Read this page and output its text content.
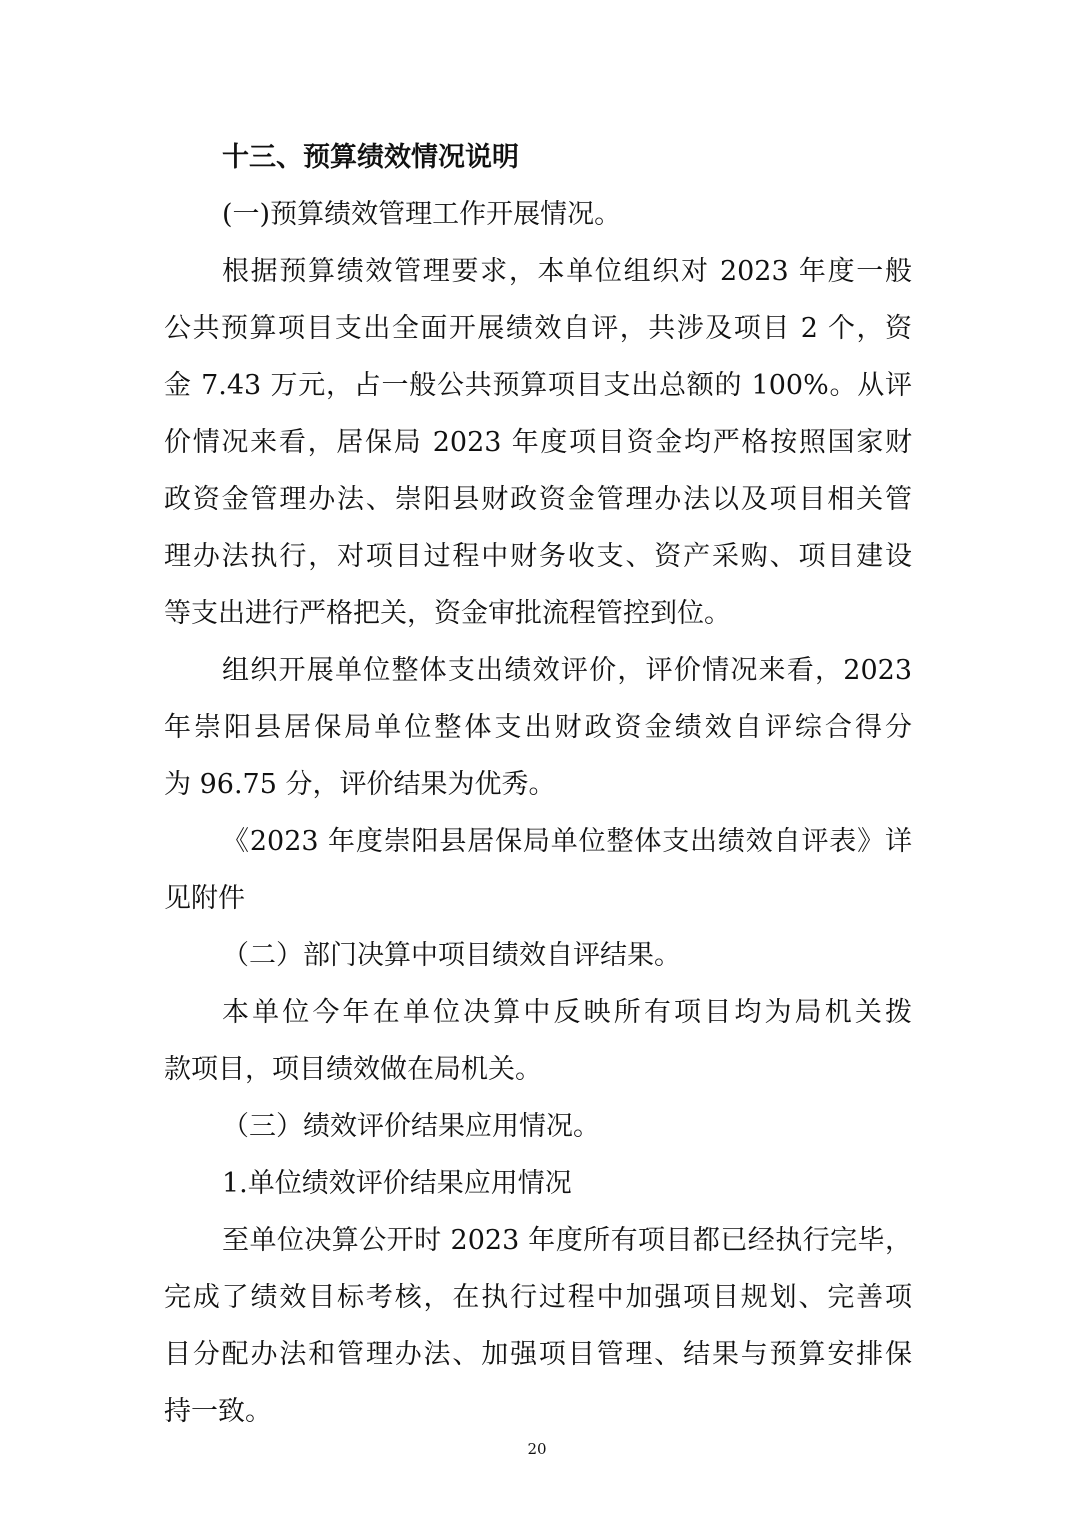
十三、预算绩效情况说明
(一)预算绩效管理工作开展情况。
根据预算绩效管理要求，本单位组织对 2023 年度一般
公共预算项目支出全面开展绩效自评，共涉及项目 2 个，资
金 7.43 万元，占一般公共预算项目支出总额的 100%。从评
价情况来看，居保局 2023 年度项目资金均严格按照国家财
政资金管理办法、崇阳县财政资金管理办法以及项目相关管
理办法执行，对项目过程中财务收支、资产采购、项目建设
等支出进行严格把关，资金审批流程管控到位。
组织开展单位整体支出绩效评价，评价情况来看，2023
年崇阳县居保局单位整体支出财政资金绩效自评综合得分
为 96.75 分，评价结果为优秀。
《2023 年度崇阳县居保局单位整体支出绩效自评表》详
见附件
（二）部门决算中项目绩效自评结果。
本单位今年在单位决算中反映所有项目均为局机关拨
款项目，项目绩效做在局机关。
（三）绩效评价结果应用情况。
1.单位绩效评价结果应用情况
至单位决算公开时 2023 年度所有项目都已经执行完毕，
完成了绩效目标考核，在执行过程中加强项目规划、完善项
目分配办法和管理办法、加强项目管理、结果与预算安排保
持一致。
20
